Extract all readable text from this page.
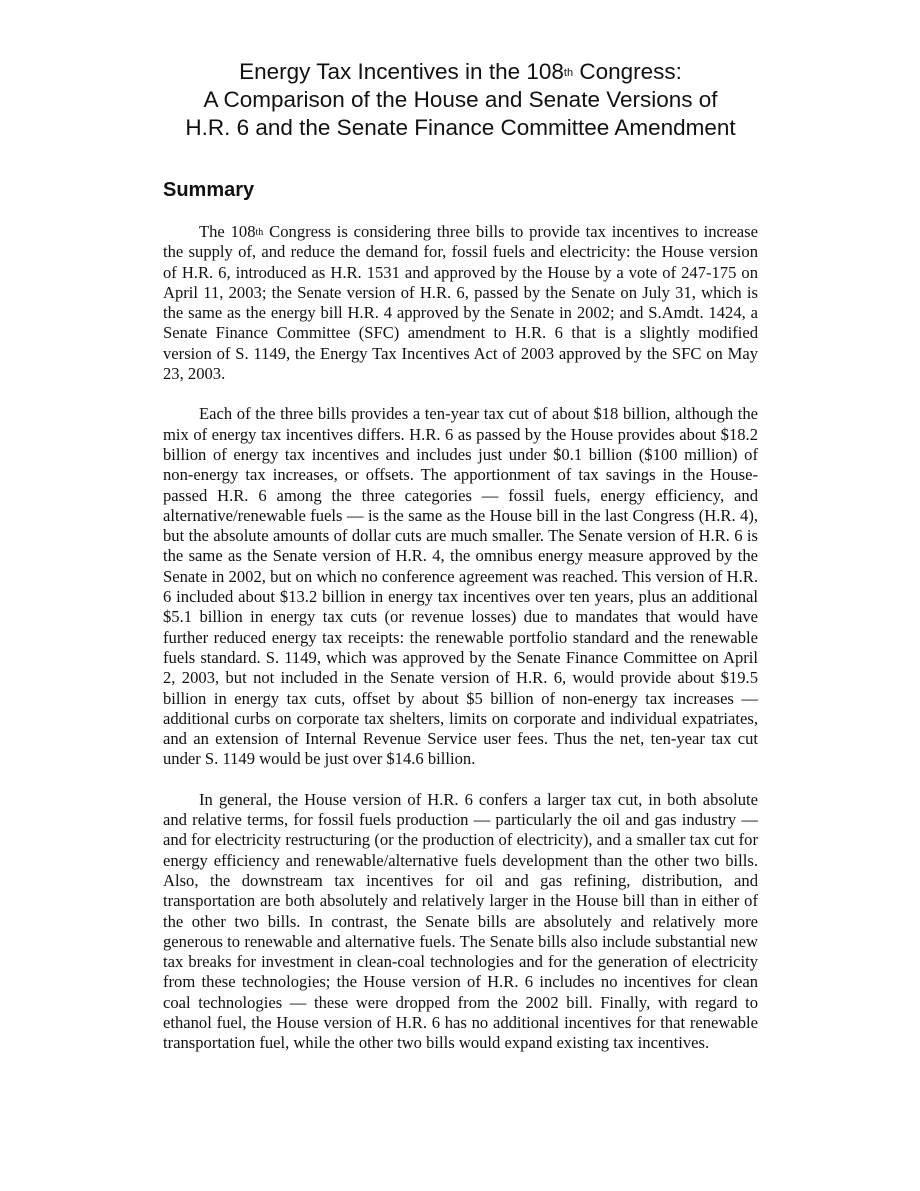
Energy Tax Incentives in the 108th Congress:
A Comparison of the House and Senate Versions of
H.R. 6 and the Senate Finance Committee Amendment
Summary

The 108th Congress is considering three bills to provide tax incentives to increase the supply of, and reduce the demand for, fossil fuels and electricity: the House version of H.R. 6, introduced as H.R. 1531 and approved by the House by a vote of 247-175 on April 11, 2003; the Senate version of H.R. 6, passed by the Senate on July 31, which is the same as the energy bill H.R. 4 approved by the Senate in 2002; and S.Amdt. 1424, a Senate Finance Committee (SFC) amendment to H.R. 6 that is a slightly modified version of S. 1149, the Energy Tax Incentives Act of 2003 approved by the SFC on May 23, 2003.

Each of the three bills provides a ten-year tax cut of about $18 billion, although the mix of energy tax incentives differs. H.R. 6 as passed by the House provides about $18.2 billion of energy tax incentives and includes just under $0.1 billion ($100 million) of non-energy tax increases, or offsets. The apportionment of tax savings in the House-passed H.R. 6 among the three categories — fossil fuels, energy efficiency, and alternative/renewable fuels — is the same as the House bill in the last Congress (H.R. 4), but the absolute amounts of dollar cuts are much smaller. The Senate version of H.R. 6 is the same as the Senate version of H.R. 4, the omnibus energy measure approved by the Senate in 2002, but on which no conference agreement was reached. This version of H.R. 6 included about $13.2 billion in energy tax incentives over ten years, plus an additional $5.1 billion in energy tax cuts (or revenue losses) due to mandates that would have further reduced energy tax receipts: the renewable portfolio standard and the renewable fuels standard. S. 1149, which was approved by the Senate Finance Committee on April 2, 2003, but not included in the Senate version of H.R. 6, would provide about $19.5 billion in energy tax cuts, offset by about $5 billion of non-energy tax increases — additional curbs on corporate tax shelters, limits on corporate and individual expatriates, and an extension of Internal Revenue Service user fees. Thus the net, ten-year tax cut under S. 1149 would be just over $14.6 billion.

In general, the House version of H.R. 6 confers a larger tax cut, in both absolute and relative terms, for fossil fuels production — particularly the oil and gas industry — and for electricity restructuring (or the production of electricity), and a smaller tax cut for energy efficiency and renewable/alternative fuels development than the other two bills. Also, the downstream tax incentives for oil and gas refining, distribution, and transportation are both absolutely and relatively larger in the House bill than in either of the other two bills. In contrast, the Senate bills are absolutely and relatively more generous to renewable and alternative fuels. The Senate bills also include substantial new tax breaks for investment in clean-coal technologies and for the generation of electricity from these technologies; the House version of H.R. 6 includes no incentives for clean coal technologies — these were dropped from the 2002 bill. Finally, with regard to ethanol fuel, the House version of H.R. 6 has no additional incentives for that renewable transportation fuel, while the other two bills would expand existing tax incentives.
